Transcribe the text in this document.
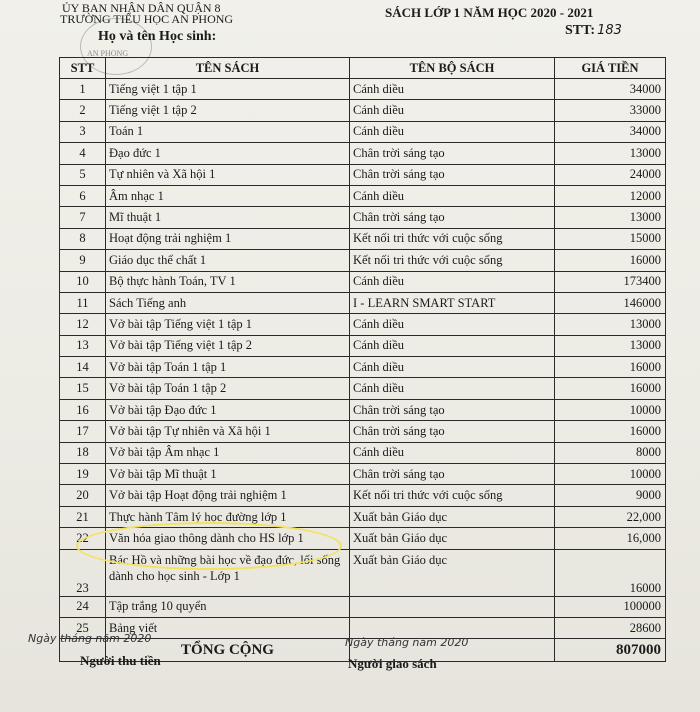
AN PHONG
ỦY BAN NHÂN DÂN QUẬN 8
TRƯỜNG TIỂU HỌC AN PHONG	SÁCH LỚP 1 NĂM HỌC 2020 - 2021
Họ và tên Học sinh:	STT: 183
STT	TÊN SÁCH	TÊN BỘ SÁCH	GIÁ TIỀN
1	Tiếng việt 1 tập 1	Cánh diều	34000
2	Tiếng việt 1 tập 2	Cánh diều	33000
3	Toán 1	Cánh diều	34000
4	Đạo đức 1	Chân trời sáng tạo	13000
5	Tự nhiên và Xã hội 1	Chân trời sáng tạo	24000
6	Âm nhạc 1	Cánh diều	12000
7	Mĩ thuật 1	Chân trời sáng tạo	13000
8	Hoạt động trải nghiệm 1	Kết nối tri thức với cuộc sống	15000
9	Giáo dục thể chất 1	Kết nối tri thức với cuộc sống	16000
10	Bộ thực hành Toán, TV 1	Cánh diều	173400
11	Sách Tiếng anh	I - LEARN SMART START	146000
12	Vở bài tập Tiếng việt 1 tập 1	Cánh diều	13000
13	Vở bài tập Tiếng việt 1 tập 2	Cánh diều	13000
14	Vở bài tập Toán 1 tập 1	Cánh diều	16000
15	Vở bài tập Toán 1 tập 2	Cánh diều	16000
16	Vở bài tập Đạo đức 1	Chân trời sáng tạo	10000
17	Vở bài tập Tự nhiên và Xã hội 1	Chân trời sáng tạo	16000
18	Vở bài tập Âm nhạc 1	Cánh diều	8000
19	Vở bài tập Mĩ thuật 1	Chân trời sáng tạo	10000
20	Vở bài tập Hoạt động trải nghiệm 1	Kết nối tri thức với cuộc sống	9000
21	Thực hành Tâm lý học đường lớp 1	Xuất bản Giáo dục	22,000
22	Văn hóa giao thông dành cho HS lớp 1	Xuất bản Giáo dục	16,000
23	Bác Hồ và những bài học về đạo đức, lối sống dành cho học sinh - Lớp 1	Xuất bản Giáo dục	16000
24	Tập trắng 10 quyển		100000
25	Bảng viết		28600
	TỔNG CỘNG		807000
Ngày tháng năm 2020
Người thu tiền
Ngày tháng năm 2020
Người giao sách
